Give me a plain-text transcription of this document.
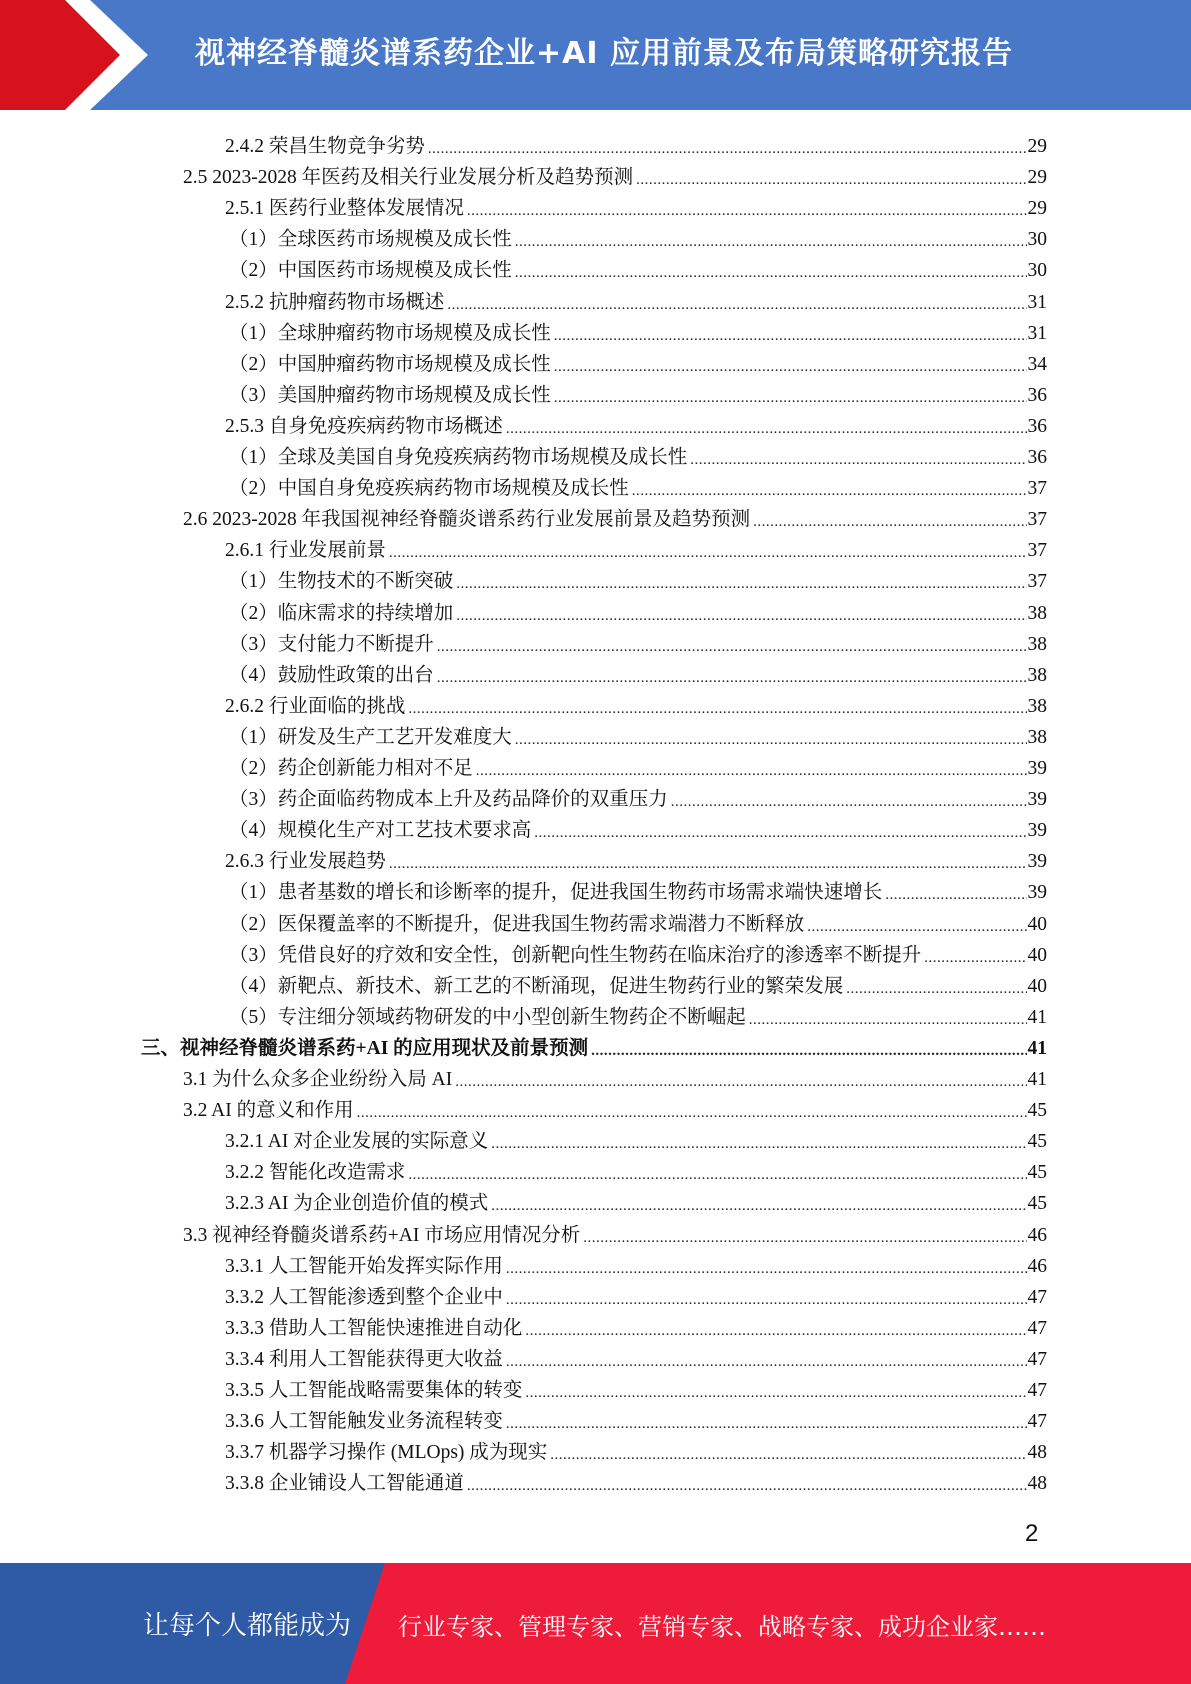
视神经脊髓炎谱系药企业+AI 应用前景及布局策略研究报告
2.4.2 荣昌生物竞争劣势 .....	29
2.5 2023-2028 年医药及相关行业发展分析及趋势预测 .....	29
2.5.1 医药行业整体发展情况 .....	29
（1）全球医药市场规模及成长性 .....	30
（2）中国医药市场规模及成长性 .....	30
2.5.2 抗肿瘤药物市场概述 .....	31
（1）全球肿瘤药物市场规模及成长性 .....	31
（2）中国肿瘤药物市场规模及成长性 .....	34
（3）美国肿瘤药物市场规模及成长性 .....	36
2.5.3 自身免疫疾病药物市场概述 .....	36
（1）全球及美国自身免疫疾病药物市场规模及成长性 .....	36
（2）中国自身免疫疾病药物市场规模及成长性 .....	37
2.6 2023-2028 年我国视神经脊髓炎谱系药行业发展前景及趋势预测 .....	37
2.6.1 行业发展前景 .....	37
（1）生物技术的不断突破 .....	37
（2）临床需求的持续增加 .....	38
（3）支付能力不断提升 .....	38
（4）鼓励性政策的出台 .....	38
2.6.2 行业面临的挑战 .....	38
（1）研发及生产工艺开发难度大 .....	38
（2）药企创新能力相对不足 .....	39
（3）药企面临药物成本上升及药品降价的双重压力 .....	39
（4）规模化生产对工艺技术要求高 .....	39
2.6.3 行业发展趋势 .....	39
（1）患者基数的增长和诊断率的提升，促进我国生物药市场需求端快速增长 .....	39
（2）医保覆盖率的不断提升，促进我国生物药需求端潜力不断释放 .....	40
（3）凭借良好的疗效和安全性，创新靶向性生物药在临床治疗的渗透率不断提升 .....	40
（4）新靶点、新技术、新工艺的不断涌现，促进生物药行业的繁荣发展 .....	40
（5）专注细分领域药物研发的中小型创新生物药企不断崛起 .....	41
三、视神经脊髓炎谱系药+AI 的应用现状及前景预测 .....	41
3.1 为什么众多企业纷纷入局 AI .....	41
3.2 AI 的意义和作用 .....	45
3.2.1 AI 对企业发展的实际意义 .....	45
3.2.2 智能化改造需求 .....	45
3.2.3 AI 为企业创造价值的模式 .....	45
3.3 视神经脊髓炎谱系药+AI 市场应用情况分析 .....	46
3.3.1 人工智能开始发挥实际作用 .....	46
3.3.2 人工智能渗透到整个企业中 .....	47
3.3.3 借助人工智能快速推进自动化 .....	47
3.3.4 利用人工智能获得更大收益 .....	47
3.3.5 人工智能战略需要集体的转变 .....	47
3.3.6 人工智能触发业务流程转变 .....	47
3.3.7 机器学习操作 (MLOps) 成为现实 .....	48
3.3.8 企业铺设人工智能通道 .....	48
2
让每个人都能成为 行业专家、管理专家、营销专家、战略专家、成功企业家……
